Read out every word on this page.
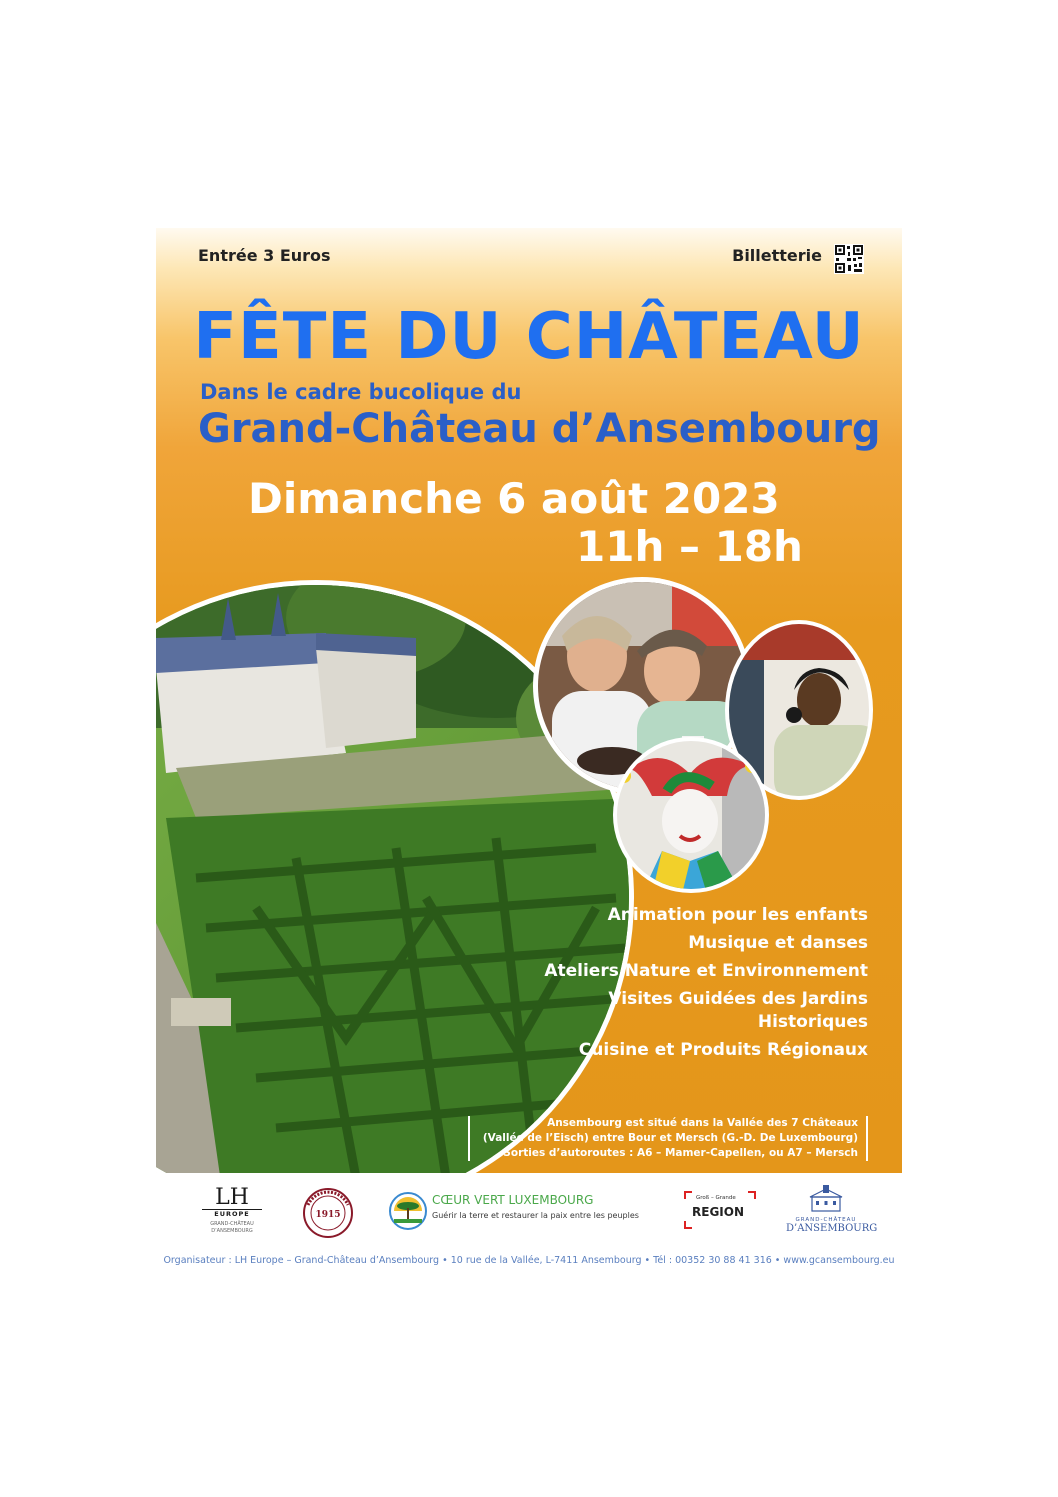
Entrée 3 Euros	Billetterie
FÊTE DU CHÂTEAU
Dans le cadre bucolique du
Grand-Château d’Ansembourg
Dimanche 6 août 2023
11h – 18h
Animation pour les enfants
Musique et danses
Ateliers Nature et Environnement
Visites Guidées des Jardins Historiques
Cuisine et Produits Régionaux
Ansembourg est situé dans la Vallée des 7 Châteaux
(Vallée de l’Eisch) entre Bour et Mersch (G.-D. De Luxembourg)
Sorties d’autoroutes : A6 – Mamer-Capellen, ou A7 – Mersch
LH
EUROPE
GRAND-CHÂTEAU D’ANSEMBOURG
1915
CŒUR VERT LUXEMBOURG
Guérir la terre et restaurer la paix entre les peuples
Groß – Grande
REGION
GRAND-CHÂTEAU
D’ANSEMBOURG
Organisateur : LH Europe – Grand-Château d’Ansembourg • 10 rue de la Vallée, L-7411 Ansembourg • Tél : 00352 30 88 41 316 • www.gcansembourg.eu
